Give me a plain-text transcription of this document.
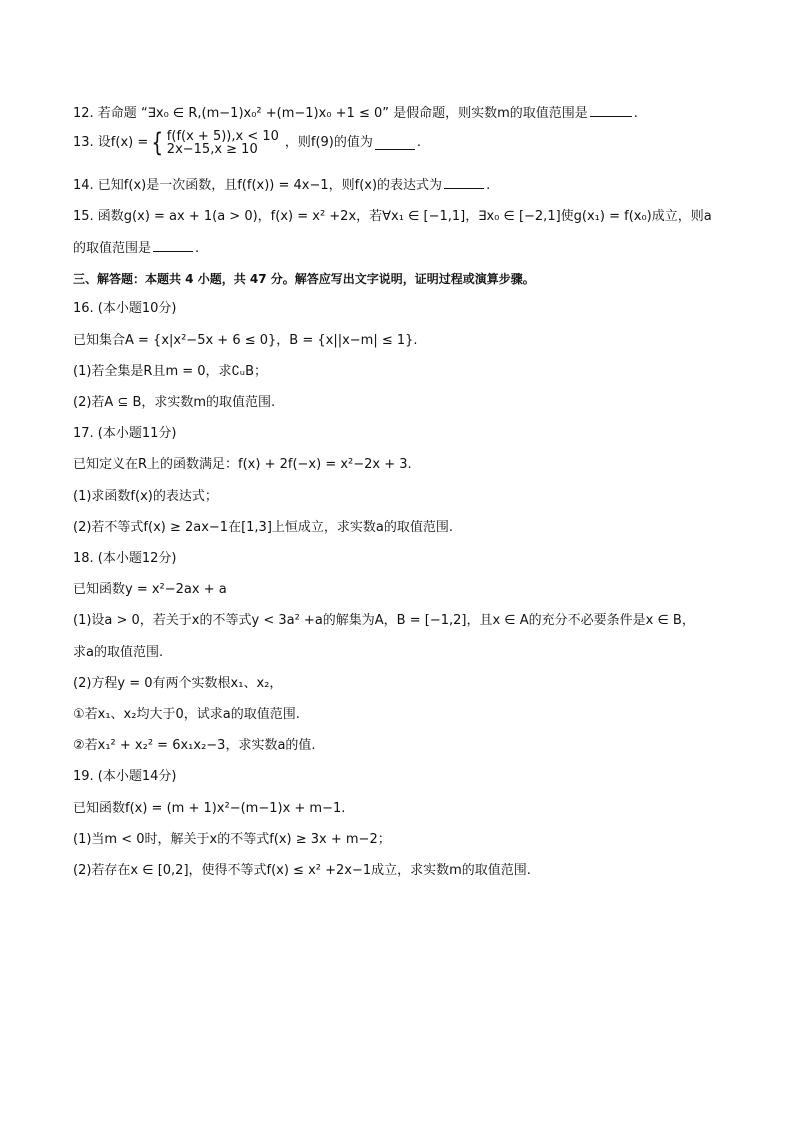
12. 若命题 “∃x₀ ∈ R,(m−1)x₀² +(m−1)x₀ +1 ≤ 0” 是假命题，则实数m的取值范围是	.
13. 设f(x) = { f(f(x + 5)),x < 10
2x−15,x ≥ 10	，则f(9)的值为	.
14. 已知f(x)是一次函数，且f(f(x)) = 4x−1，则f(x)的表达式为	.
15. 函数g(x) = ax + 1(a > 0)，f(x) = x² +2x，若∀x₁ ∈ [−1,1]，∃x₀ ∈ [−2,1]使g(x₁) = f(x₀)成立，则a
的取值范围是	.
三、解答题：本题共 4 小题，共 47 分。解答应写出文字说明，证明过程或演算步骤。
16. (本小题10分)
已知集合A = {x|x²−5x + 6 ≤ 0}，B = {x||x−m| ≤ 1}.
(1)若全集是R且m = 0，求∁ᵤB；
(2)若A ⊆ B，求实数m的取值范围.
17. (本小题11分)
已知定义在R上的函数满足：f(x) + 2f(−x) = x²−2x + 3.
(1)求函数f(x)的表达式；
(2)若不等式f(x) ≥ 2ax−1在[1,3]上恒成立，求实数a的取值范围.
18. (本小题12分)
已知函数y = x²−2ax + a
(1)设a > 0，若关于x的不等式y < 3a² +a的解集为A，B = [−1,2]，且x ∈ A的充分不必要条件是x ∈ B，
求a的取值范围.
(2)方程y = 0有两个实数根x₁、x₂，
①若x₁、x₂均大于0，试求a的取值范围.
②若x₁² + x₂² = 6x₁x₂−3，求实数a的值.
19. (本小题14分)
已知函数f(x) = (m + 1)x²−(m−1)x + m−1.
(1)当m < 0时，解关于x的不等式f(x) ≥ 3x + m−2；
(2)若存在x ∈ [0,2]，使得不等式f(x) ≤ x² +2x−1成立，求实数m的取值范围.
